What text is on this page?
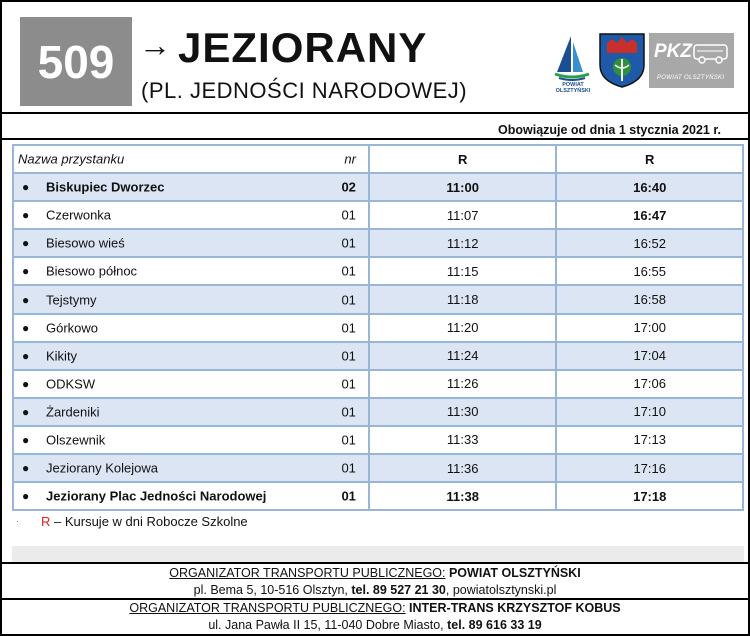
509 → JEZIORANY
(PL. JEDNOŚCI NARODOWEJ)	POWIAT OLSZTYŃSKI
PKZ
POWIAT OLSZTYŃSKI
Obowiązuje od dnia 1 stycznia 2021 r.
Nazwa przystanku nr	R	R

● Biskupiec Dworzec 02	11:00	16:40

● Czerwonka 01	11:07	16:47

● Biesowo wieś 01	11:12	16:52

● Biesowo północ 01	11:15	16:55

● Tejstymy 01	11:18	16:58

● Górkowo 01	11:20	17:00

● Kikity 01	11:24	17:04

● ODKSW 01	11:26	17:06

● Żardeniki 01	11:30	17:10

● Olszewnik 01	11:33	17:13

● Jeziorany Kolejowa 01	11:36	17:16

● Jeziorany Plac Jedności Narodowej 01	11:38	17:18
· R – Kursuje w dni Robocze Szkolne
ORGANIZATOR TRANSPORTU PUBLICZNEGO: POWIAT OLSZTYŃSKI
pl. Bema 5, 10-516 Olsztyn, tel. 89 527 21 30, powiatolsztynski.pl
ORGANIZATOR TRANSPORTU PUBLICZNEGO: INTER-TRANS KRZYSZTOF KOBUS
ul. Jana Pawła II 15, 11-040 Dobre Miasto, tel. 89 616 33 19
